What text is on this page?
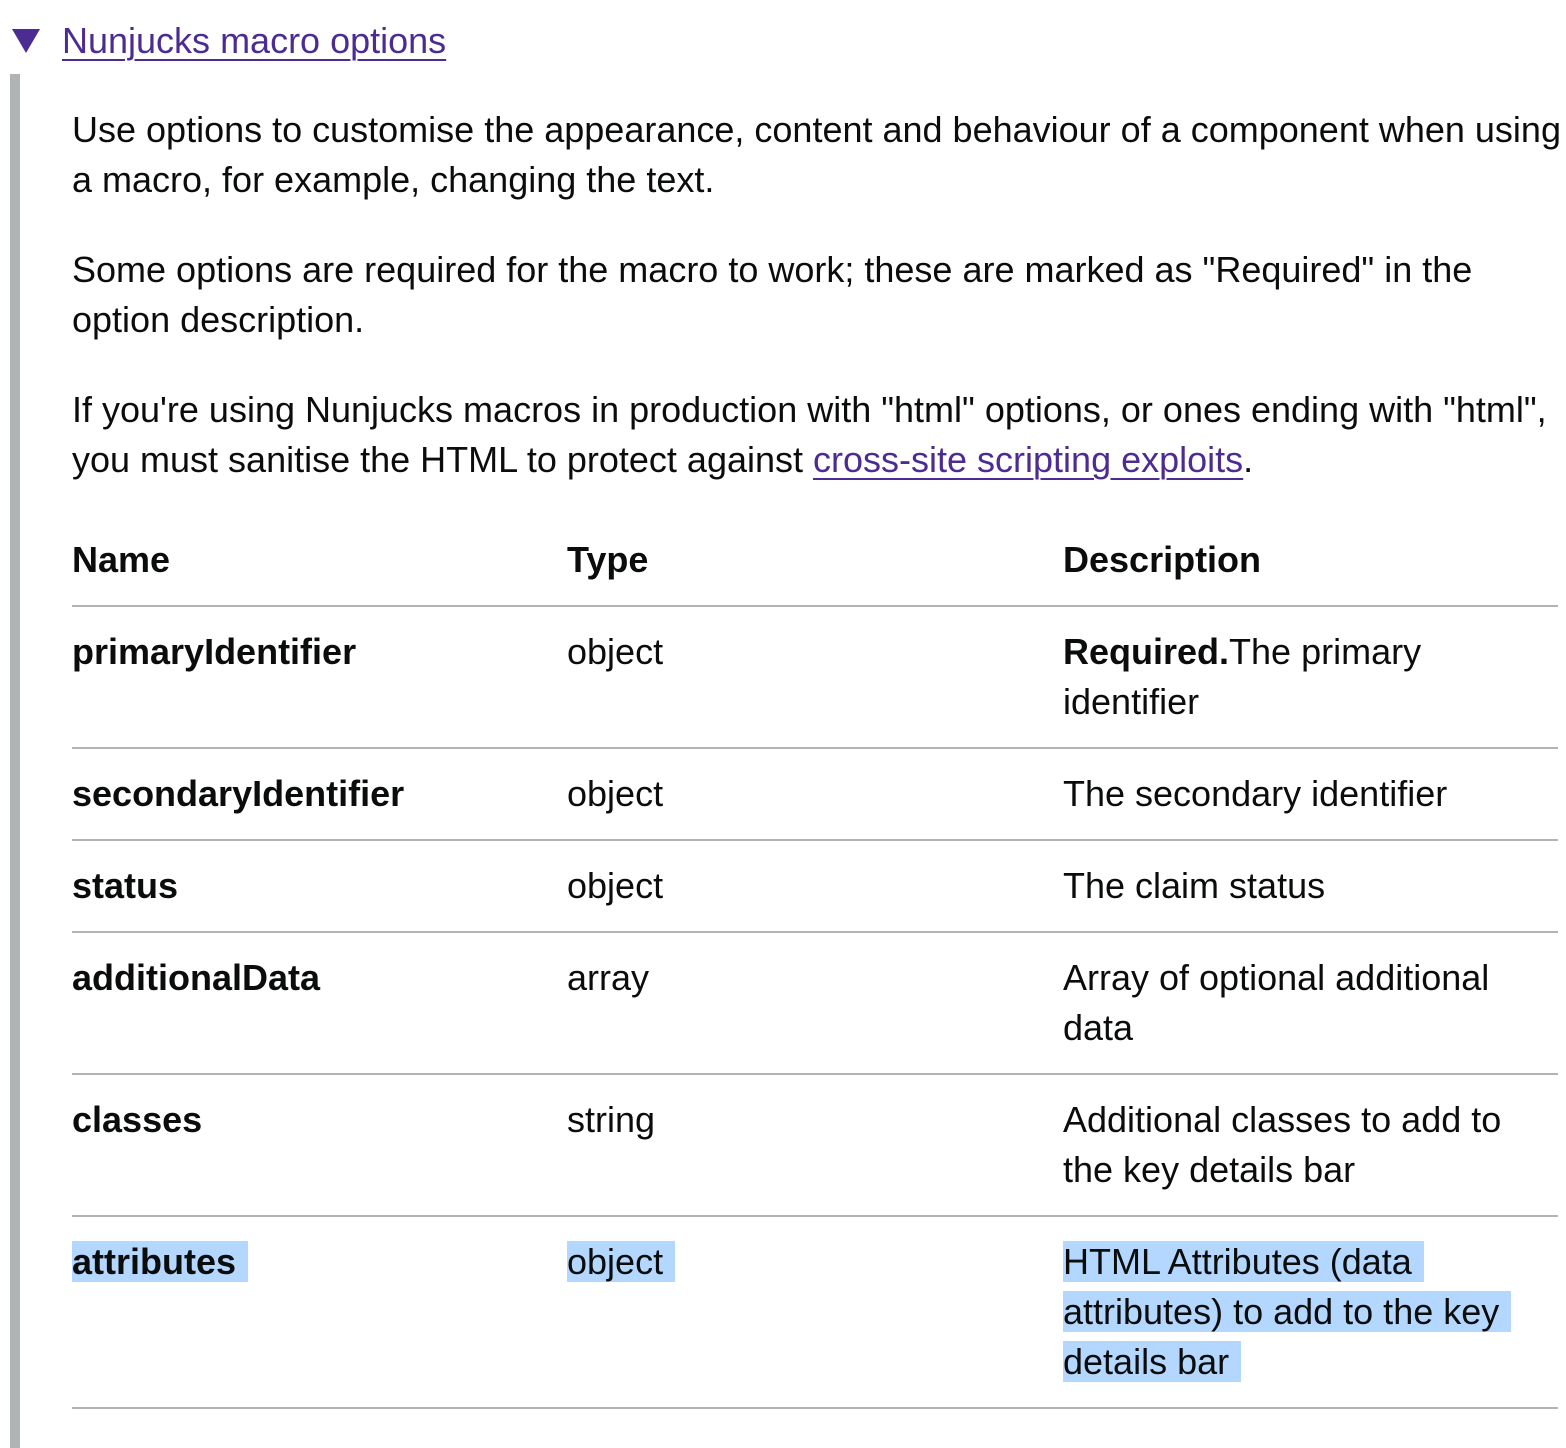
Nunjucks macro options

Use options to customise the appearance, content and behaviour of a component when using a macro, for example, changing the text.

Some options are required for the macro to work; these are marked as "Required" in the option description.

If you're using Nunjucks macros in production with "html" options, or ones ending with "html", you must sanitise the HTML to protect against cross-site scripting exploits.

Name	Type	Description
primaryIdentifier	object	Required.The primary identifier
secondaryIdentifier	object	The secondary identifier
status	object	The claim status
additionalData	array	Array of optional additional data
classes	string	Additional classes to add to the key details bar
attributes	object	HTML Attributes (data attributes) to add to the key details bar
